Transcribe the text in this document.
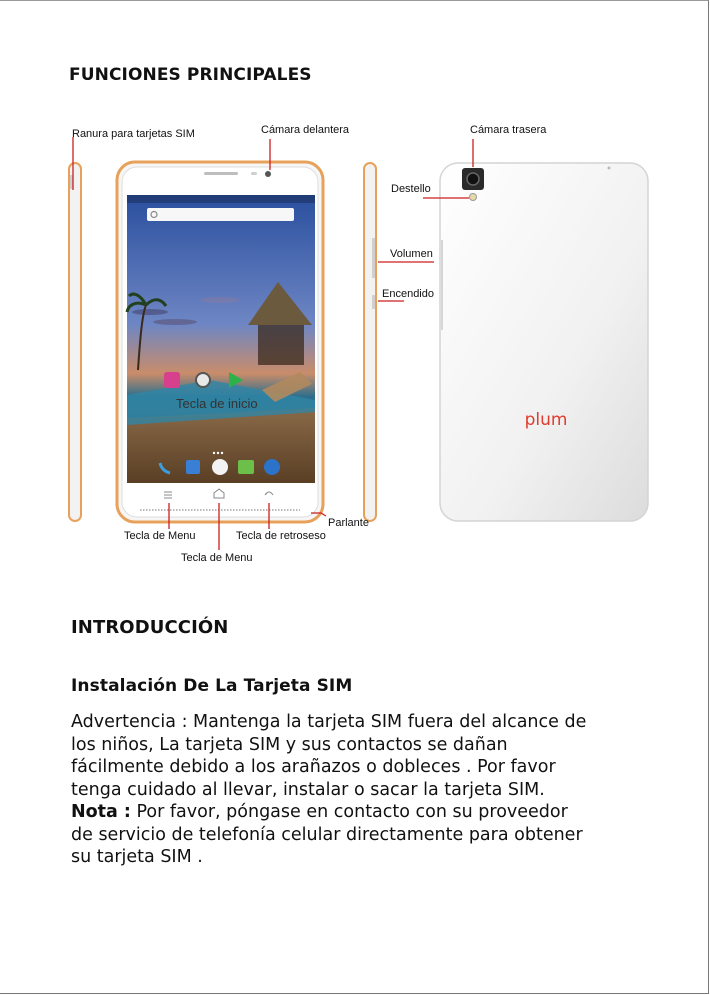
FUNCIONES PRINCIPALES
plum
Ranura para tarjetas SIM	Cámara delantera	Cámara trasera
Destello
Volumen
Encendido
Parlante
Tecla de Menu	Tecla de retroseso
Tecla de Menu
Tecla de inicio
INTRODUCCIÓN
Instalación De La Tarjeta SIM

Advertencia : Mantenga la tarjeta SIM fuera del alcance de

los niños, La tarjeta SIM y sus contactos se dañan

fácilmente debido a los arañazos o dobleces . Por favor

tenga cuidado al llevar, instalar o sacar la tarjeta SIM.

Nota : Por favor, póngase en contacto con su proveedor

de servicio de telefonía celular directamente para obtener

su tarjeta SIM .
